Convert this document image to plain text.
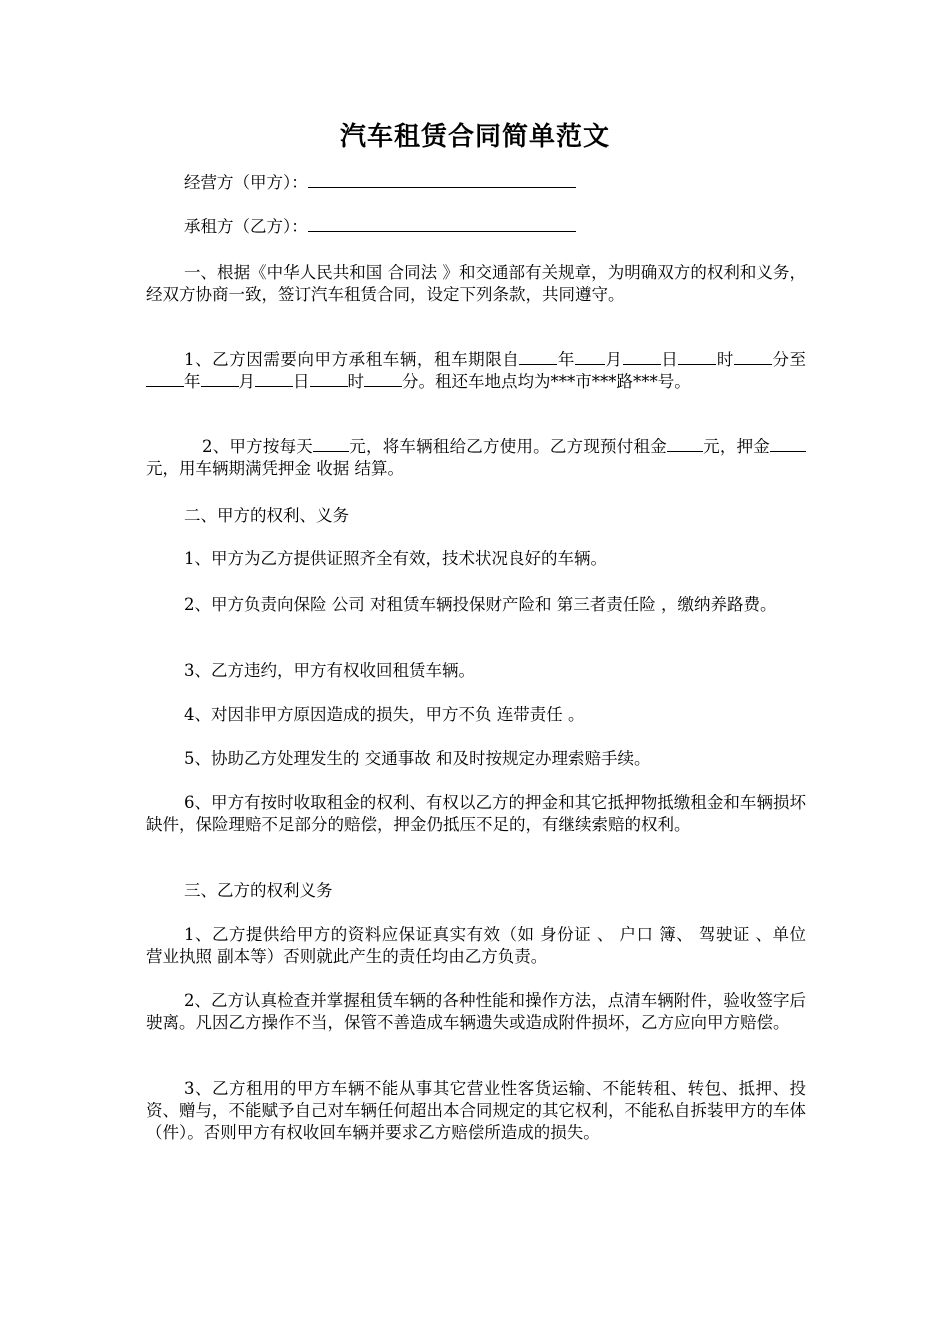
汽车租赁合同简单范文
经营方（甲方）：
承租方（乙方）：
一、根据《中华人民共和国 合同法 》和交通部有关规章，为明确双方的权利和义务，经双方协商一致，签订汽车租赁合同，设定下列条款，共同遵守。
1、乙方因需要向甲方承租车辆，租车期限自 年 月 日 时 分至年 月 日 时 分。租还车地点均为***市***路***号。
2、甲方按每天 元，将车辆租给乙方使用。乙方现预付租金 元，押金元，用车辆期满凭押金 收据 结算。
二、甲方的权利、义务
1、甲方为乙方提供证照齐全有效，技术状况良好的车辆。
2、甲方负责向保险 公司 对租赁车辆投保财产险和 第三者责任险 ，缴纳养路费。
3、乙方违约，甲方有权收回租赁车辆。
4、对因非甲方原因造成的损失，甲方不负 连带责任 。
5、协助乙方处理发生的 交通事故 和及时按规定办理索赔手续。
6、甲方有按时收取租金的权利、有权以乙方的押金和其它抵押物抵缴租金和车辆损坏缺件，保险理赔不足部分的赔偿，押金仍抵压不足的，有继续索赔的权利。
三、乙方的权利义务
1、乙方提供给甲方的资料应保证真实有效（如 身份证 、 户口 簿、 驾驶证 、单位 营业执照 副本等）否则就此产生的责任均由乙方负责。
2、乙方认真检查并掌握租赁车辆的各种性能和操作方法，点清车辆附件，验收签字后驶离。凡因乙方操作不当，保管不善造成车辆遗失或造成附件损坏，乙方应向甲方赔偿。
3、乙方租用的甲方车辆不能从事其它营业性客货运输、不能转租、转包、抵押、投资、赠与，不能赋予自己对车辆任何超出本合同规定的其它权利，不能私自拆装甲方的车体（件）。否则甲方有权收回车辆并要求乙方赔偿所造成的损失。
